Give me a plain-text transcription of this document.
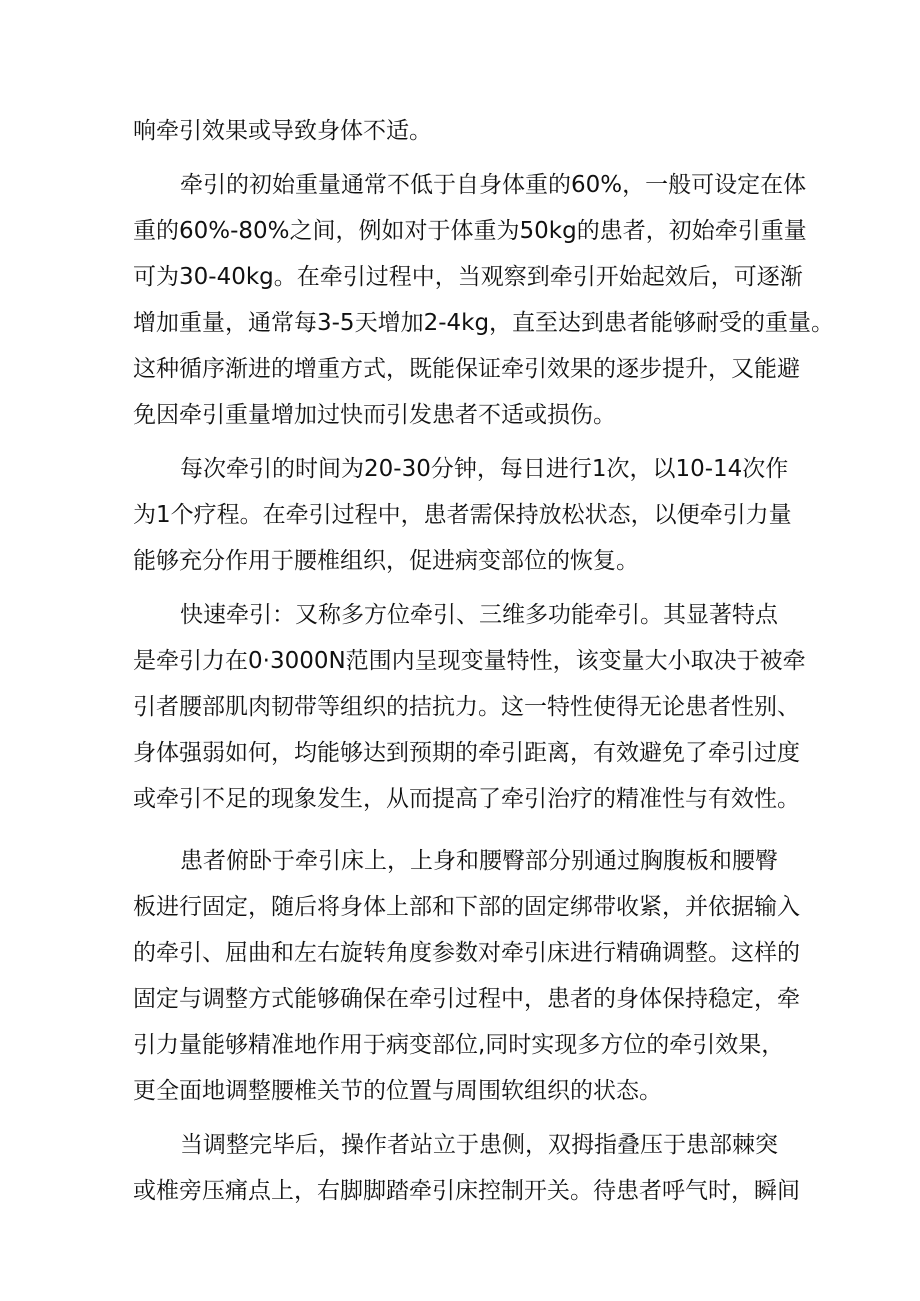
响牵引效果或导致身体不适。
牵引的初始重量通常不低于自身体重的60%，一般可设定在体
重的60%-80%之间，例如对于体重为50kg的患者，初始牵引重量
可为30-40kg。在牵引过程中，当观察到牵引开始起效后，可逐渐
增加重量，通常每3-5天增加2-4kg，直至达到患者能够耐受的重量。
这种循序渐进的增重方式，既能保证牵引效果的逐步提升，又能避
免因牵引重量增加过快而引发患者不适或损伤。
每次牵引的时间为20-30分钟，每日进行1次，以10-14次作
为1个疗程。在牵引过程中，患者需保持放松状态，以便牵引力量
能够充分作用于腰椎组织，促进病变部位的恢复。
快速牵引：又称多方位牵引、三维多功能牵引。其显著特点
是牵引力在0·3000N范围内呈现变量特性，该变量大小取决于被牵
引者腰部肌肉韧带等组织的拮抗力。这一特性使得无论患者性别、
身体强弱如何，均能够达到预期的牵引距离，有效避免了牵引过度
或牵引不足的现象发生，从而提高了牵引治疗的精准性与有效性。
患者俯卧于牵引床上，上身和腰臀部分别通过胸腹板和腰臀
板进行固定，随后将身体上部和下部的固定绑带收紧，并依据输入
的牵引、屈曲和左右旋转角度参数对牵引床进行精确调整。这样的
固定与调整方式能够确保在牵引过程中，患者的身体保持稳定，牵
引力量能够精准地作用于病变部位,同时实现多方位的牵引效果，
更全面地调整腰椎关节的位置与周围软组织的状态。
当调整完毕后，操作者站立于患侧，双拇指叠压于患部棘突
或椎旁压痛点上，右脚脚踏牵引床控制开关。待患者呼气时，瞬间
